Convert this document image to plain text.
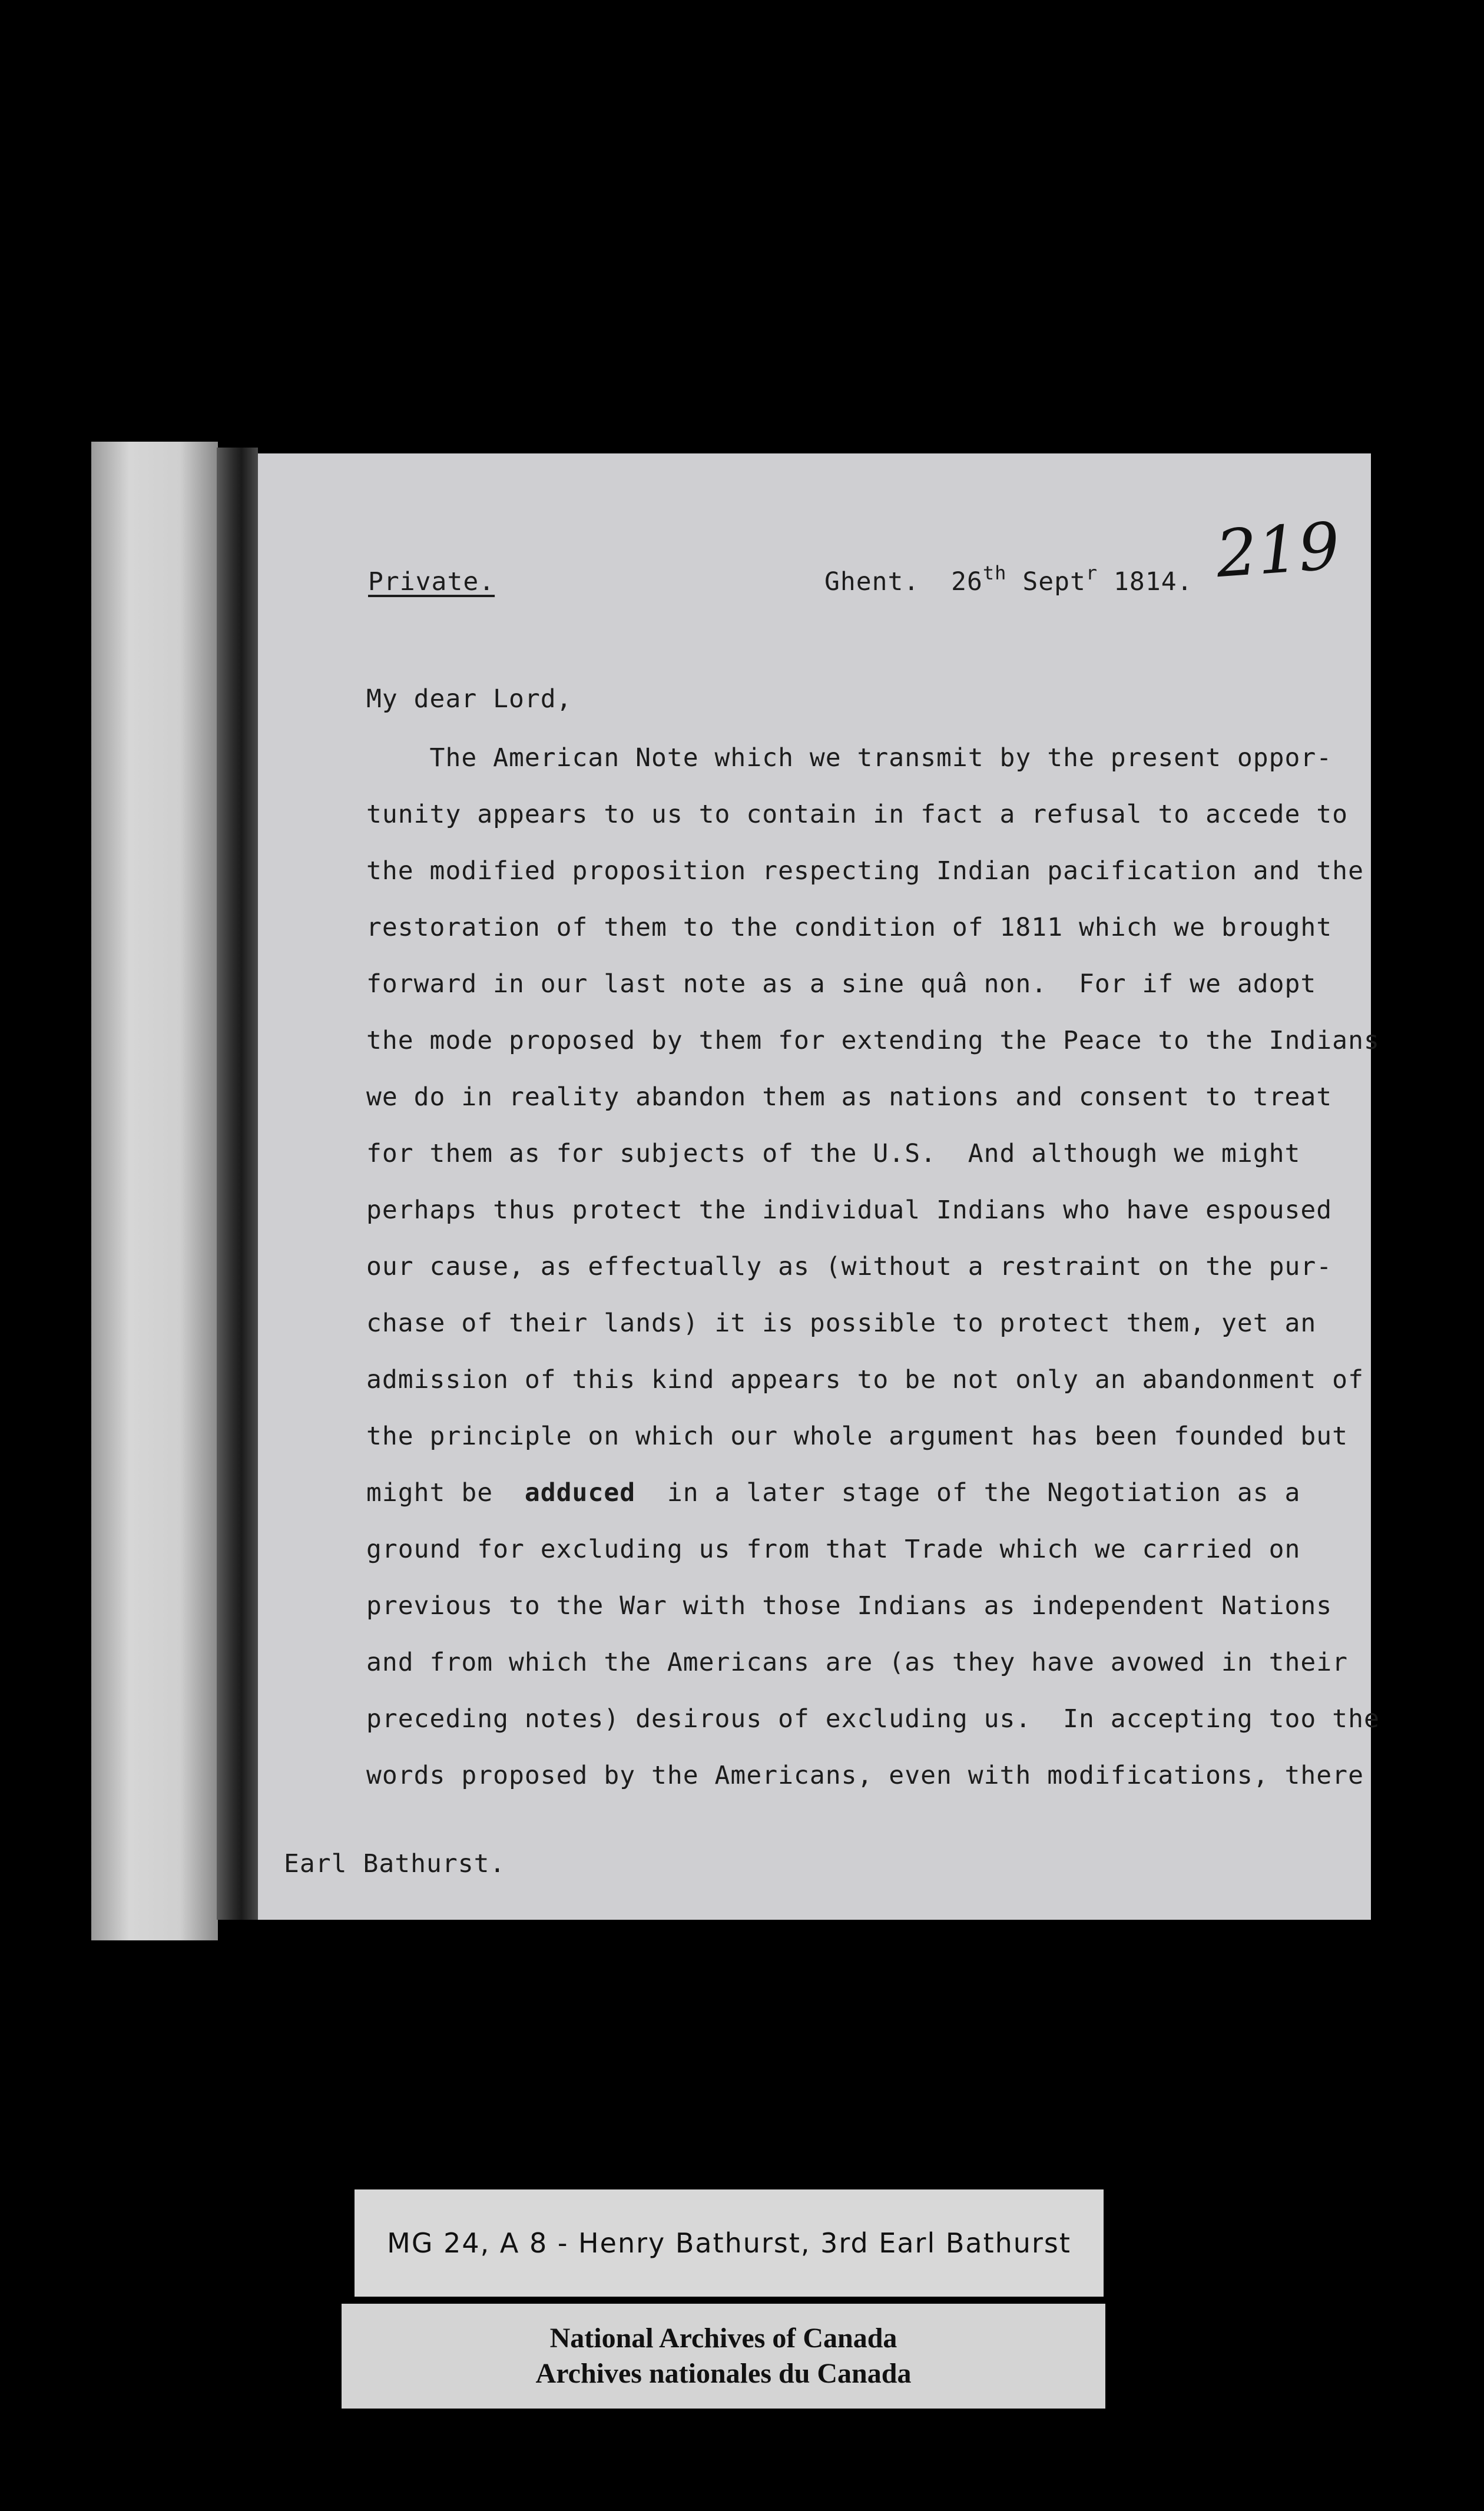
219
Private.	Ghent. 26th Sept$^r$ 1814.
My dear Lord,
The American Note which we transmit by the present oppor-
tunity appears to us to contain in fact a refusal to accede to
the modified proposition respecting Indian pacification and the
restoration of them to the condition of 1811 which we brought
forward in our last note as a sine quâ non.  For if we adopt
the mode proposed by them for extending the Peace to the Indians
we do in reality abandon them as nations and consent to treat
for them as for subjects of the U.S.  And although we might
perhaps thus protect the individual Indians who have espoused
our cause, as effectually as (without a restraint on the pur-
chase of their lands) it is possible to protect them, yet an
admission of this kind appears to be not only an abandonment of
the principle on which our whole argument has been founded but
might be adduced in a later stage of the Negotiation as a
ground for excluding us from that Trade which we carried on
previous to the War with those Indians as independent Nations
and from which the Americans are (as they have avowed in their
preceding notes) desirous of excluding us.  In accepting too the
words proposed by the Americans, even with modifications, there
Earl Bathurst.
MG 24, A 8 - Henry Bathurst, 3rd Earl Bathurst
National Archives of Canada
Archives nationales du Canada
